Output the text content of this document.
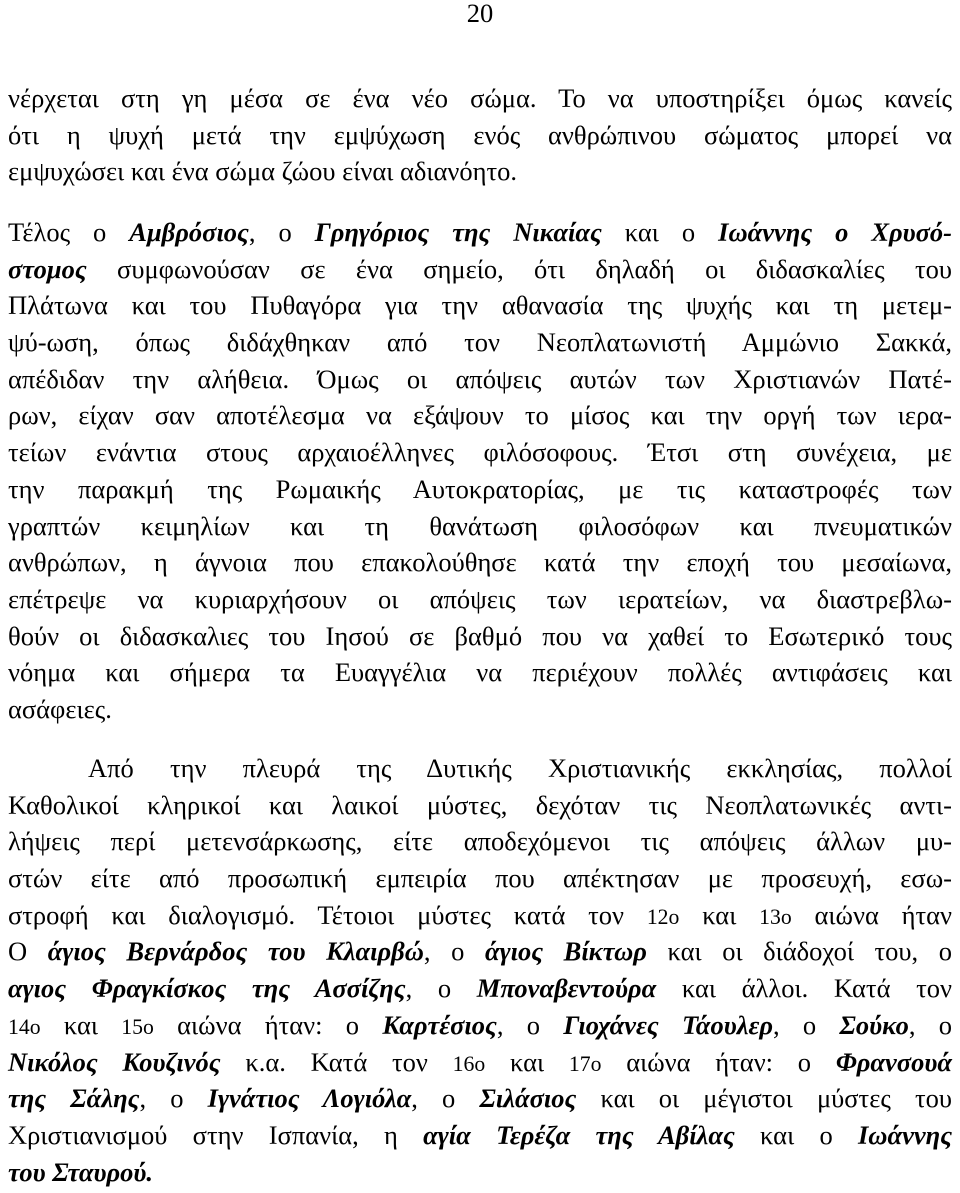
20
νέρχεται στη γη μέσα σε ένα νέο σώμα. Το να υποστηρίξει όμως κανείς
ότι η ψυχή μετά την εμψύχωση ενός ανθρώπινου σώματος μπορεί να
εμψυχώσει και ένα σώμα ζώου είναι αδιανόητο.
Τέλος ο Αμβρόσιος, ο Γρηγόριος της Νικαίας και ο Ιωάννης ο Χρυσό-
στομος συμφωνούσαν σε ένα σημείο, ότι δηλαδή οι διδασκαλίες του
Πλάτωνα και του Πυθαγόρα για την αθανασία της ψυχής και τη μετεμ-
ψύ-ωση, όπως διδάχθηκαν από τον Νεοπλατωνιστή Αμμώνιο Σακκά,
απέδιδαν την αλήθεια. Όμως οι απόψεις αυτών των Χριστιανών Πατέ-
ρων, είχαν σαν αποτέλεσμα να εξάψουν το μίσος και την οργή των ιερα-
τείων ενάντια στους αρχαιοέλληνες φιλόσοφους. Έτσι στη συνέχεια, με
την παρακμή της Ρωμαικής Αυτοκρατορίας, με τις καταστροφές των
γραπτών κειμηλίων και τη θανάτωση φιλοσόφων και πνευματικών
ανθρώπων, η άγνοια που επακολούθησε κατά την εποχή του μεσαίωνα,
επέτρεψε να κυριαρχήσουν οι απόψεις των ιερατείων, να διαστρεβλω-
θούν οι διδασκαλιες του Ιησού σε βαθμό που να χαθεί το Εσωτερικό τους
νόημα και σήμερα τα Ευαγγέλια να περιέχουν πολλές αντιφάσεις και
ασάφειες.
Από την πλευρά της Δυτικής Χριστιανικής εκκλησίας, πολλοί
Καθολικοί κληρικοί και λαικοί μύστες, δεχόταν τις Νεοπλατωνικές αντι-
λήψεις περί μετενσάρκωσης, είτε αποδεχόμενοι τις απόψεις άλλων μυ-
στών είτε από προσωπική εμπειρία που απέκτησαν με προσευχή, εσω-
στροφή και διαλογισμό. Τέτοιοι μύστες κατά τον 12ο και 13ο αιώνα ήταν
Ο άγιος Βερνάρδος του Κλαιρβώ, ο άγιος Βίκτωρ και οι διάδοχοί του, ο
αγιος Φραγκίσκος της Ασσίζης, ο Μποναβεντούρα και άλλοι. Κατά τον
14ο και 15ο αιώνα ήταν: ο Καρτέσιος, ο Γιοχάνες Τάουλερ, ο Σούκο, ο
Νικόλος Κουζινός κ.α. Κατά τον 16ο και 17ο αιώνα ήταν: ο Φρανσουά
της Σάλης, ο Ιγνάτιος Λογιόλα, ο Σιλάσιος και οι μέγιστοι μύστες του
Χριστιανισμού στην Ισπανία, η αγία Τερέζα της Αβίλας και ο Ιωάννης
του Σταυρού.
